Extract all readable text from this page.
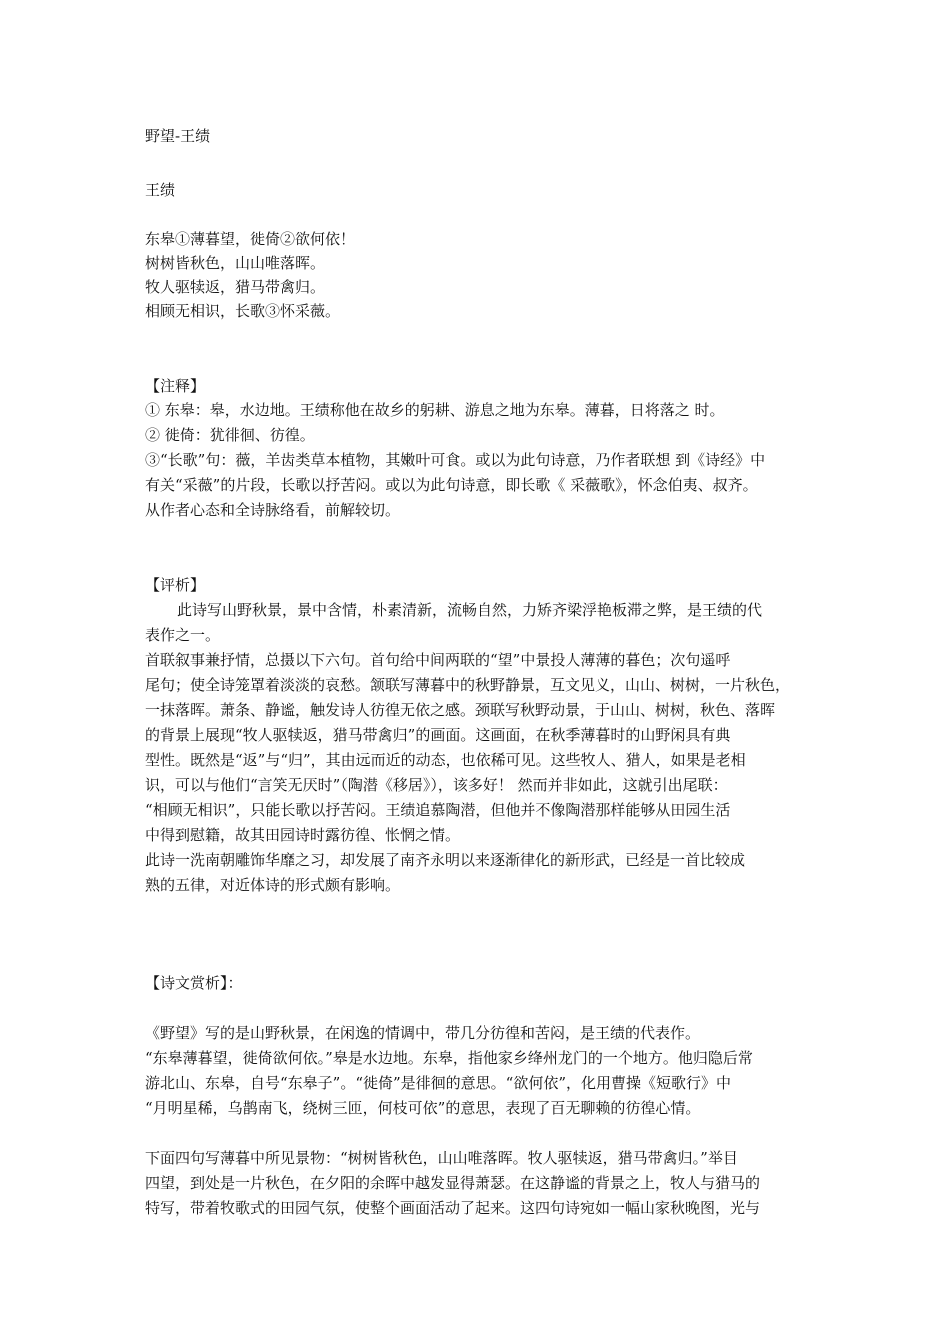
野望-王绩
王绩
东皋①薄暮望，徙倚②欲何依！
树树皆秋色，山山唯落晖。
牧人驱犊返，猎马带禽归。
相顾无相识，长歌③怀采薇。
【注释】
① 东皋：皋，水边地。王绩称他在故乡的躬耕、游息之地为东皋。薄暮，日将落之 时。
② 徙倚：犹徘徊、彷徨。
③“长歌”句：薇，羊齿类草本植物，其嫩叶可食。或以为此句诗意，乃作者联想 到《诗经》中
有关“采薇”的片段，长歌以抒苦闷。或以为此句诗意，即长歌《 采薇歌》，怀念伯夷、叔齐。
从作者心态和全诗脉络看，前解较切。
【评析】
此诗写山野秋景，景中含情，朴素清新，流畅自然，力矫齐梁浮艳板滞之弊，是王绩的代
表作之一。
首联叙事兼抒情，总摄以下六句。首句给中间两联的“望”中景投人薄薄的暮色；次句遥呼
尾句；使全诗笼罩着淡淡的哀愁。颔联写薄暮中的秋野静景，互文见义，山山、树树，一片秋色，
一抹落晖。萧条、静谧，触发诗人彷徨无依之感。颈联写秋野动景，于山山、树树，秋色、落晖
的背景上展现“牧人驱犊返，猎马带禽归”的画面。这画面，在秋季薄暮时的山野闲具有典
型性。既然是“返”与“归”，其由远而近的动态，也依稀可见。这些牧人、猎人，如果是老相
识，可以与他们“言笑无厌时”（陶潜《移居》），该多好！ 然而并非如此，这就引出尾联：
“相顾无相识”，只能长歌以抒苦闷。王绩追慕陶潜，但他并不像陶潜那样能够从田园生活
中得到慰籍，故其田园诗时露彷徨、怅惘之情。
此诗一洗南朝雕饰华靡之习，却发展了南齐永明以来逐渐律化的新形武，已经是一首比较成
熟的五律，对近体诗的形式颇有影响。
【诗文赏析】：
《野望》写的是山野秋景，在闲逸的情调中，带几分彷徨和苦闷，是王绩的代表作。
“东皋薄暮望，徙倚欲何依。”皋是水边地。东皋，指他家乡绛州龙门的一个地方。他归隐后常
游北山、东皋，自号“东皋子”。“徙倚”是徘徊的意思。“欲何依”，化用曹操《短歌行》中
“月明星稀，乌鹊南飞，绕树三匝，何枝可依”的意思，表现了百无聊赖的彷徨心情。
下面四句写薄暮中所见景物：“树树皆秋色，山山唯落晖。牧人驱犊返，猎马带禽归。”举目
四望，到处是一片秋色，在夕阳的余晖中越发显得萧瑟。在这静谧的背景之上，牧人与猎马的
特写，带着牧歌式的田园气氛，使整个画面活动了起来。这四句诗宛如一幅山家秋晚图，光与
